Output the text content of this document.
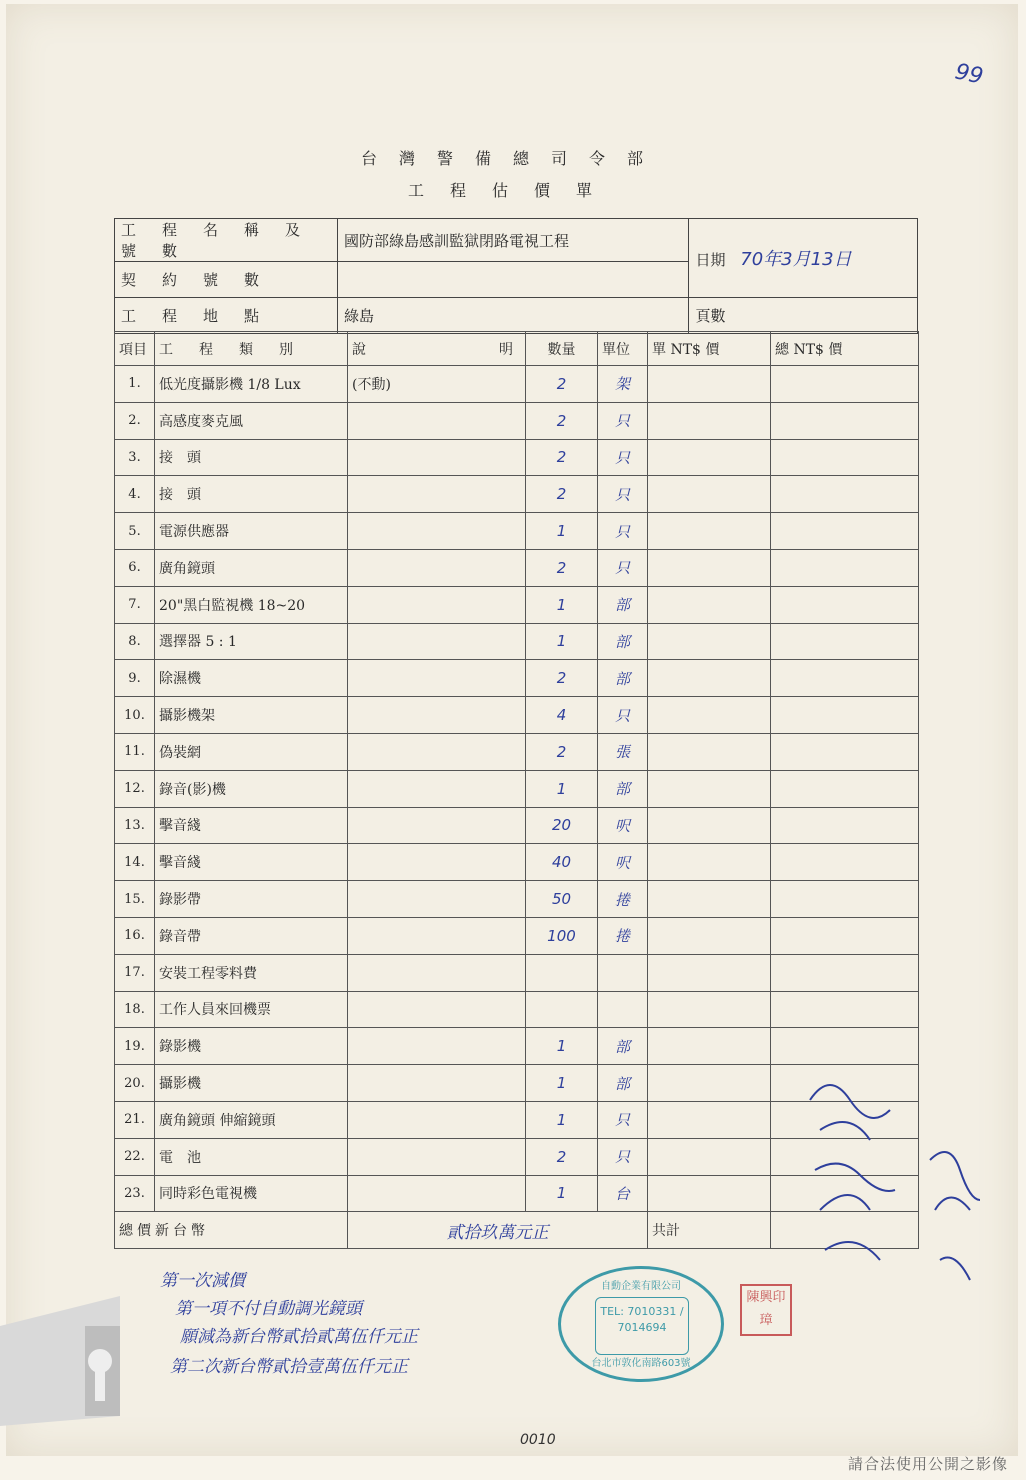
99
台灣警備總司令部
工程估價單
工程名稱及號數	國防部綠島感訓監獄閉路電視工程	日期 70年3月13日
契約號數		
工程地點	綠島	頁數
項目	工程類別	說 明	數量	單位	單 NT$ 價	總 NT$ 價
1.	低光度攝影機 1/8 Lux	(不動)	2	架		
2.	高感度麥克風		2	只		
3.	接　頭		2	只		
4.	接　頭		2	只		
5.	電源供應器		1	只		
6.	廣角鏡頭		2	只		
7.	20"黑白監視機 18~20		1	部		
8.	選擇器 5 : 1		1	部		
9.	除濕機		2	部		
10.	攝影機架		4	只		
11.	偽裝網		2	張		
12.	錄音(影)機		1	部		
13.	擊音綫		20	呎		
14.	擊音綫		40	呎		
15.	錄影帶		50	捲		
16.	錄音帶		100	捲		
17.	安裝工程零料費					
18.	工作人員來回機票					
19.	錄影機		1	部		
20.	攝影機		1	部		
21.	廣角鏡頭 伸縮鏡頭		1	只		
22.	電　池		2	只		
23.	同時彩色電視機		1	台		
總價新台幣		貳拾玖萬元正			共計	
第一次減價
第一項不付自動調光鏡頭
願減為新台幣貳拾貳萬伍仟元正
第二次新台幣貳拾壹萬伍仟元正
自動企業有限公司
TEL: 7010331 / 7014694
台北市敦化南路603號
陳興印璋
0010
請合法使用公開之影像
